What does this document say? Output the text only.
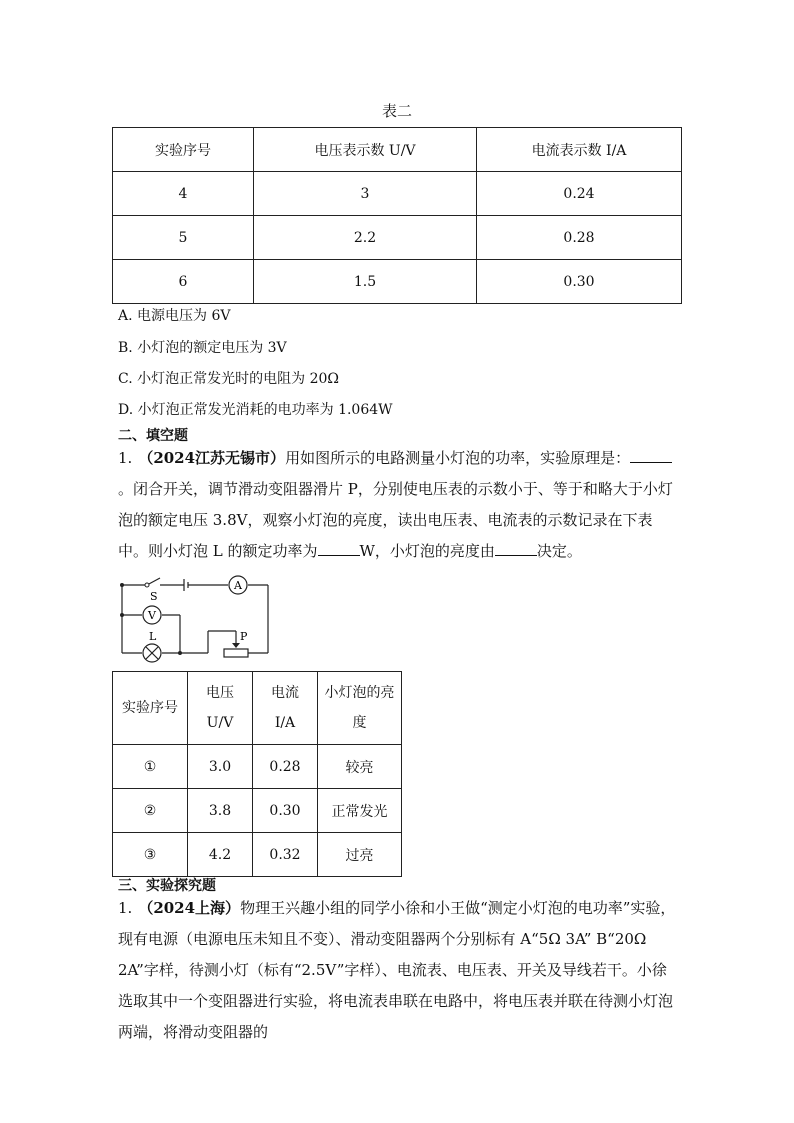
表二
实验序号	电压表示数 U/V	电流表示数 I/A
4	3	0.24
5	2.2	0.28
6	1.5	0.30
A. 电源电压为 6V
B. 小灯泡的额定电压为 3V
C. 小灯泡正常发光时的电阻为 20Ω
D. 小灯泡正常发光消耗的电功率为 1.064W
二、填空题
1. （2024江苏无锡市）用如图所示的电路测量小灯泡的功率，实验原理是：。闭合开关，调节滑动变阻器滑片 P，分别使电压表的示数小于、等于和略大于小灯泡的额定电压 3.8V，观察小灯泡的亮度，读出电压表、电流表的示数记录在下表中。则小灯泡 L 的额定功率为	W，小灯泡的亮度由	决定。
A
V
S
L	P
实验序号	电压 U/V	电流 I/A	小灯泡的亮度
①	3.0	0.28	较亮
②	3.8	0.30	正常发光
③	4.2	0.32	过亮
三、实验探究题
1. （2024上海）物理王兴趣小组的同学小徐和小王做“测定小灯泡的电功率”实验，现有电源（电源电压未知且不变）、滑动变阻器两个分别标有 A“5Ω 3A” B“20Ω 2A”字样，待测小灯（标有“2.5V”字样）、电流表、电压表、开关及导线若干。小徐选取其中一个变阻器进行实验，将电流表串联在电路中，将电压表并联在待测小灯泡两端，将滑动变阻器的
